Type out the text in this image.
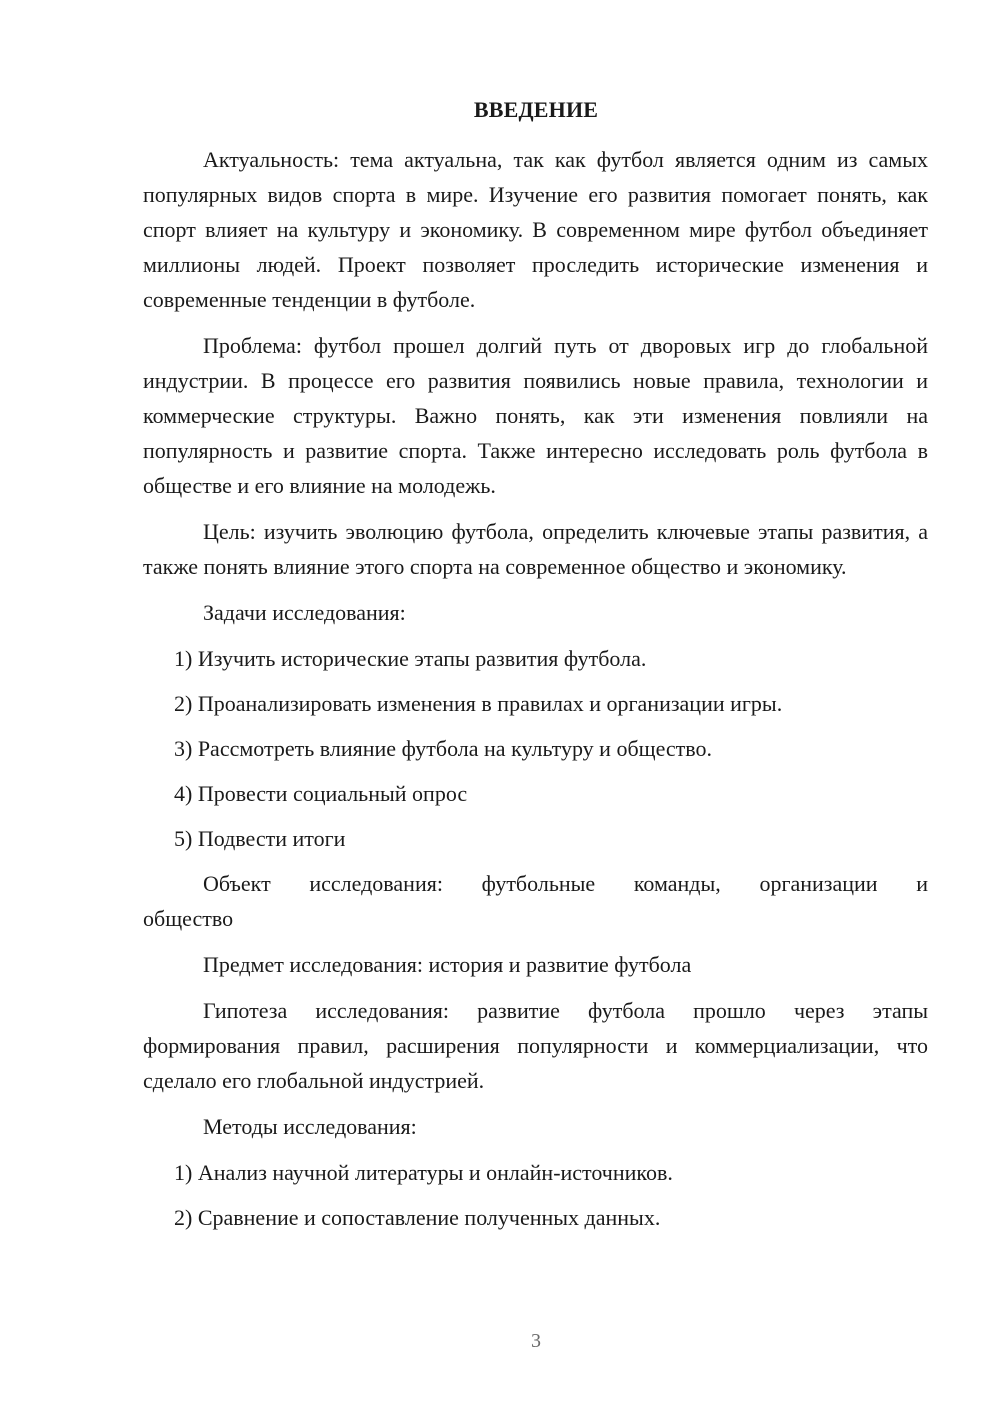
ВВЕДЕНИЕ

Актуальность: тема актуальна, так как футбол является одним из самых популярных видов спорта в мире. Изучение его развития помогает понять, как спорт влияет на культуру и экономику. В современном мире футбол объединяет миллионы людей. Проект позволяет проследить исторические изменения и современные тенденции в футболе.

Проблема: футбол прошел долгий путь от дворовых игр до глобальной индустрии. В процессе его развития появились новые правила, технологии и коммерческие структуры. Важно понять, как эти изменения повлияли на популярность и развитие спорта. Также интересно исследовать роль футбола в обществе и его влияние на молодежь.

Цель: изучить эволюцию футбола, определить ключевые этапы развития, а также понять влияние этого спорта на современное общество и экономику.

Задачи исследования:

1) Изучить исторические этапы развития футбола.

2) Проанализировать изменения в правилах и организации игры.

3) Рассмотреть влияние футбола на культуру и общество.

4) Провести социальный опрос

5) Подвести итоги

Объект исследования: футбольные команды, организации и
общество

Предмет исследования: история и развитие футбола

Гипотеза исследования: развитие футбола прошло через этапы формирования правил, расширения популярности и коммерциализации, что сделало его глобальной индустрией.

Методы исследования:

1) Анализ научной литературы и онлайн-источников.

2) Сравнение и сопоставление полученных данных.

3
